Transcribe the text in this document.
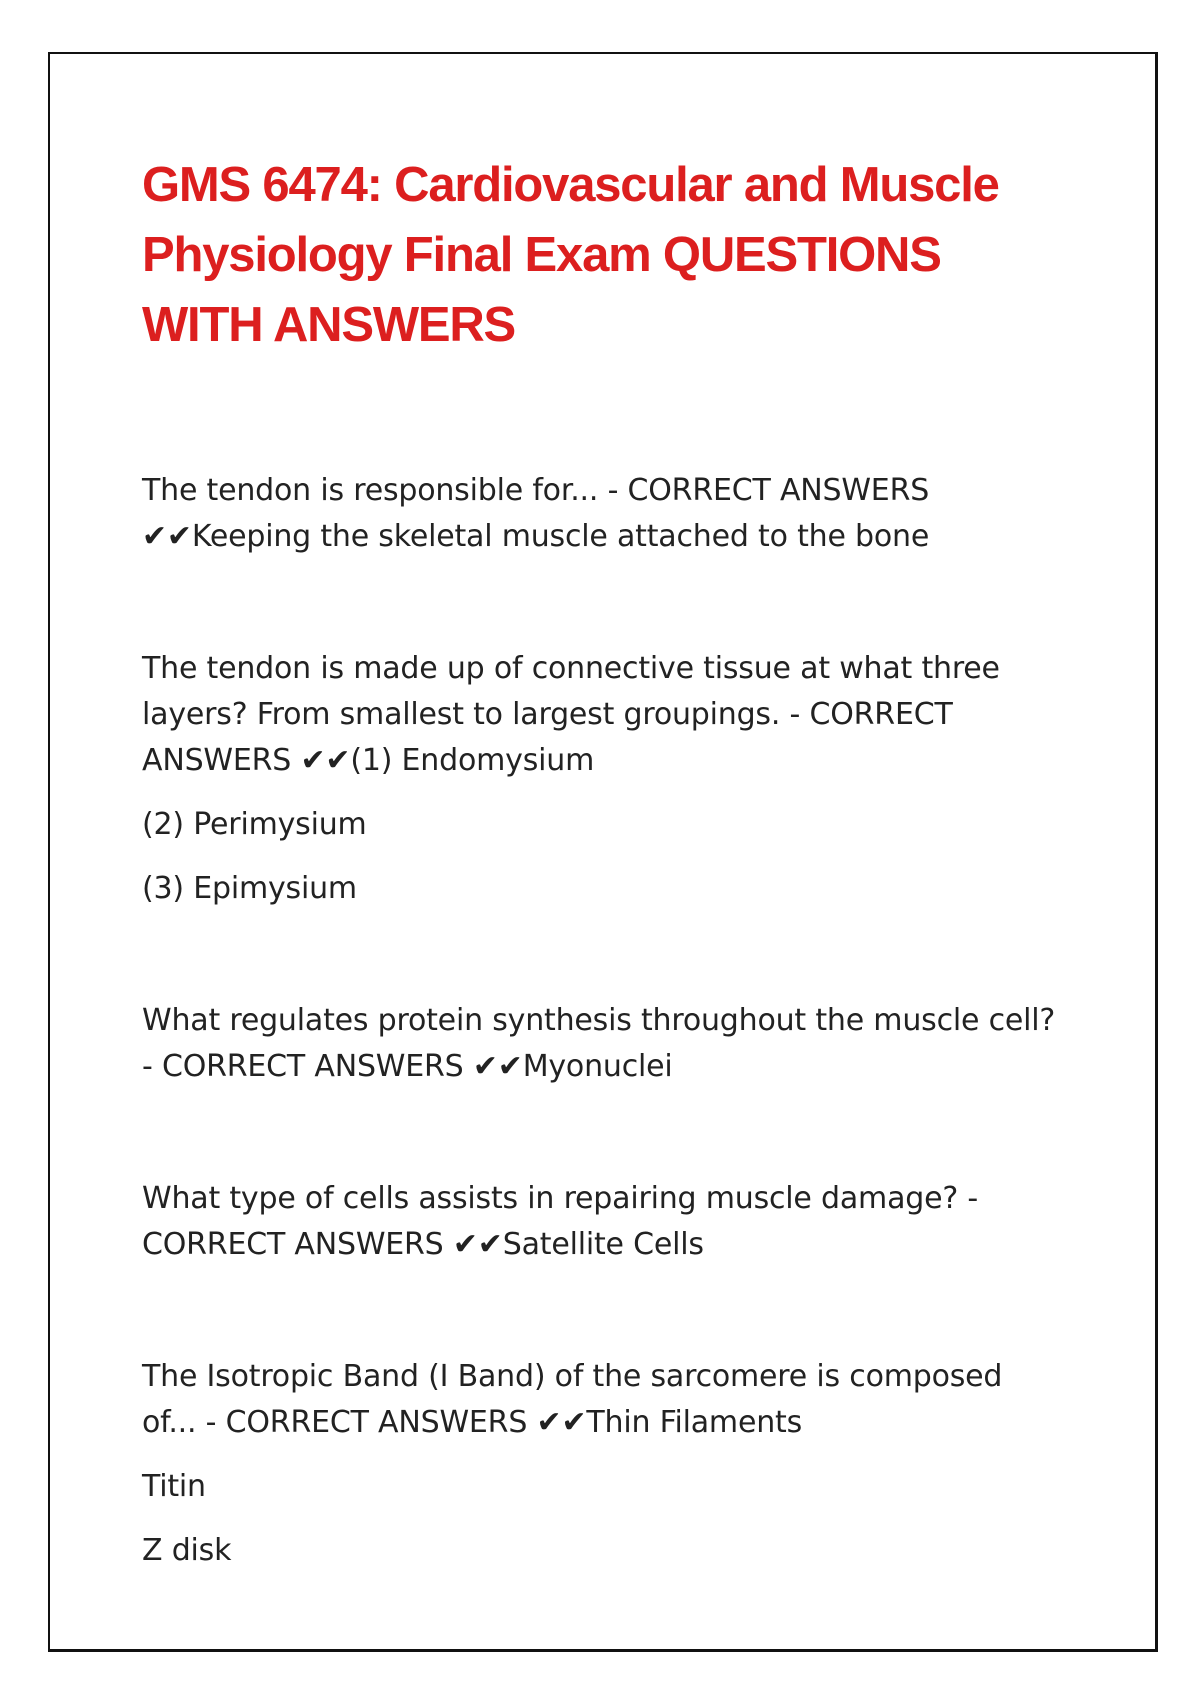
GMS 6474: Cardiovascular and Muscle Physiology Final Exam QUESTIONS WITH ANSWERS

The tendon is responsible for... - CORRECT ANSWERS ✔✔Keeping the skeletal muscle attached to the bone

The tendon is made up of connective tissue at what three layers? From smallest to largest groupings. - CORRECT ANSWERS ✔✔(1) Endomysium

(2) Perimysium

(3) Epimysium

What regulates protein synthesis throughout the muscle cell? - CORRECT ANSWERS ✔✔Myonuclei

What type of cells assists in repairing muscle damage? - CORRECT ANSWERS ✔✔Satellite Cells

The Isotropic Band (I Band) of the sarcomere is composed of... - CORRECT ANSWERS ✔✔Thin Filaments

Titin

Z disk
